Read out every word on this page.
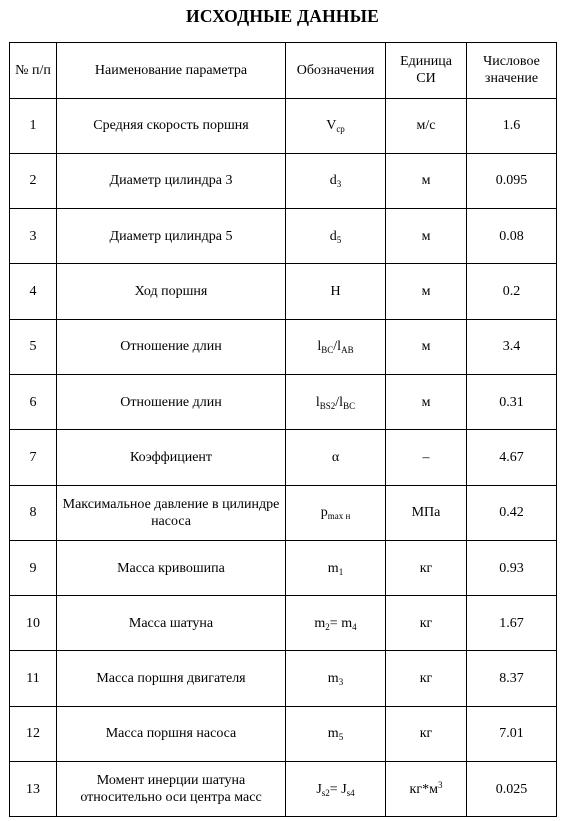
ИСХОДНЫЕ ДАННЫЕ
№ п/п	Наименование параметра	Обозначения	Единица СИ	Числовое значение
1	Средняя скорость поршня	$V_{ср}$	м/с	1.6
2	Диаметр цилиндра 3	$d_3$	м	0.095
3	Диаметр цилиндра 5	$d_5$	м	0.08
4	Ход поршня	H	м	0.2
5	Отношение длин	$l_{BC}/l_{AB}$	м	3.4
6	Отношение длин	$l_{BS2}/l_{BC}$	м	0.31
7	Коэффициент	α	–	4.67
8	Максимальное давление в цилиндре насоса	$p_{max н}$	МПа	0.42
9	Масса кривошипа	$m_1$	кг	0.93
10	Масса шатуна	$m_2= m_4$	кг	1.67
11	Масса поршня двигателя	$m_3$	кг	8.37
12	Масса поршня насоса	$m_5$	кг	7.01
13	Момент инерции шатуна относительно оси центра масс	$J_{s2}= J_{s4}$	$кг*м^3$	0.025
